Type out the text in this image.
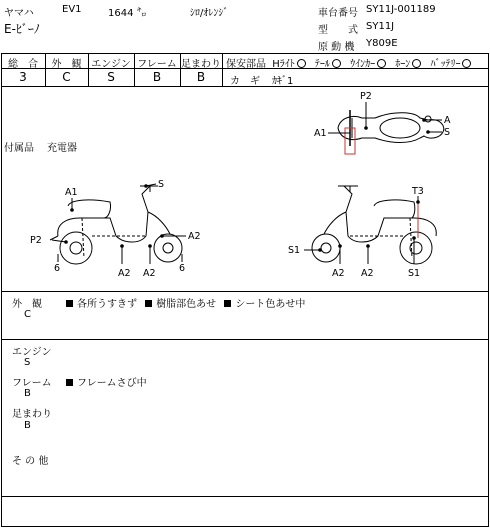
ヤマハ	EV1	1644 ㌔	ｼﾛ/ｵﾚﾝｼﾞ
E-ﾋﾞｰﾉ
車台番号 SY11J-001189
型　　式 SY11J
原 動 機 Y809E
総　合	外　観 エンジン フレーム 足まわり
3	C	S	B	B
保安部品 Hﾗｲﾄ ﾃｰﾙ ｳｲﾝｶｰ ﾎｰﾝ ﾊﾞｯﾃﾘｰ
カ　ギ ｶｷﾞ1
付属品 充電器
P2
A1
A
S
S
A1
P2	A2
6	A2 A2 6
T3
S1
A2 A2	S1
外　観
C
各所うすきず 樹脂部色あせ シート色あせ中
エンジン
S
フレーム
B
フレームさび中
足まわり
B
そ の 他
